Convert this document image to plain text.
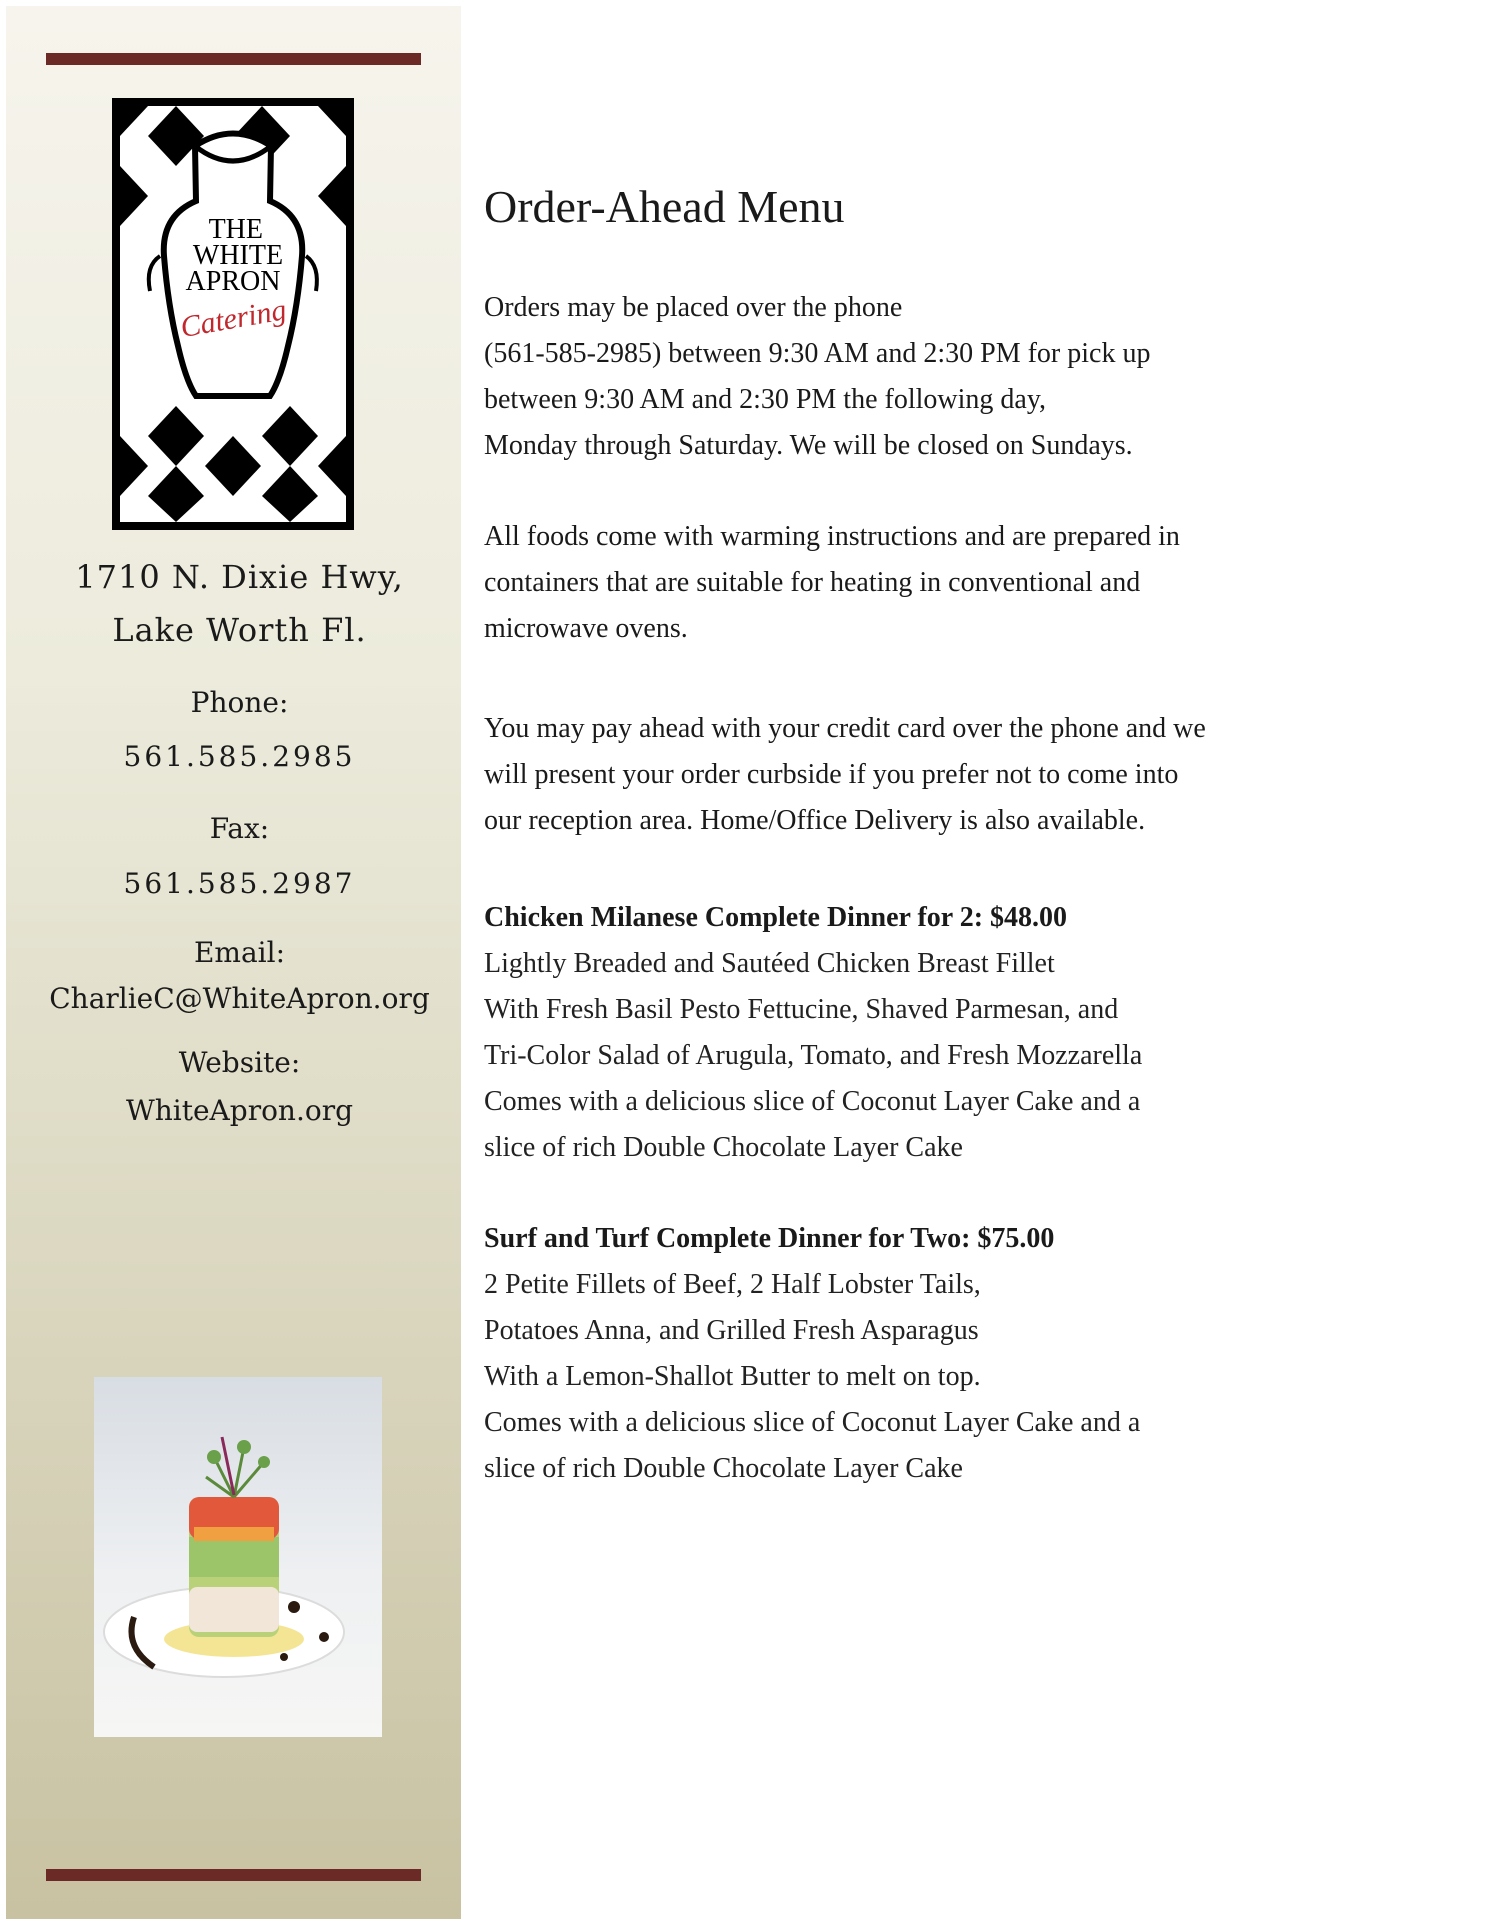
THE
WHITE
APRON
Catering
1710 N. Dixie Hwy,
Lake Worth Fl.
Phone:
561.585.2985
Fax:
561.585.2987
Email:
CharlieC@WhiteApron.org
Website:
WhiteApron.org
Order-Ahead Menu
Orders may be placed over the phone
(561-585-2985) between 9:30 AM and 2:30 PM for pick up
between 9:30 AM and 2:30 PM the following day,
Monday through Saturday. We will be closed on Sundays.
All foods come with warming instructions and are prepared in
containers that are suitable for heating in conventional and
microwave ovens.
You may pay ahead with your credit card over the phone and we
will present your order curbside if you prefer not to come into
our reception area. Home/Office Delivery is also available.
Chicken Milanese Complete Dinner for 2: $48.00
Lightly Breaded and Sautéed Chicken Breast Fillet
With Fresh Basil Pesto Fettucine, Shaved Parmesan, and
Tri-Color Salad of Arugula, Tomato, and Fresh Mozzarella
Comes with a delicious slice of Coconut Layer Cake and a
slice of rich Double Chocolate Layer Cake
Surf and Turf Complete Dinner for Two: $75.00
2 Petite Fillets of Beef, 2 Half Lobster Tails,
Potatoes Anna, and Grilled Fresh Asparagus
With a Lemon-Shallot Butter to melt on top.
Comes with a delicious slice of Coconut Layer Cake and a
slice of rich Double Chocolate Layer Cake
